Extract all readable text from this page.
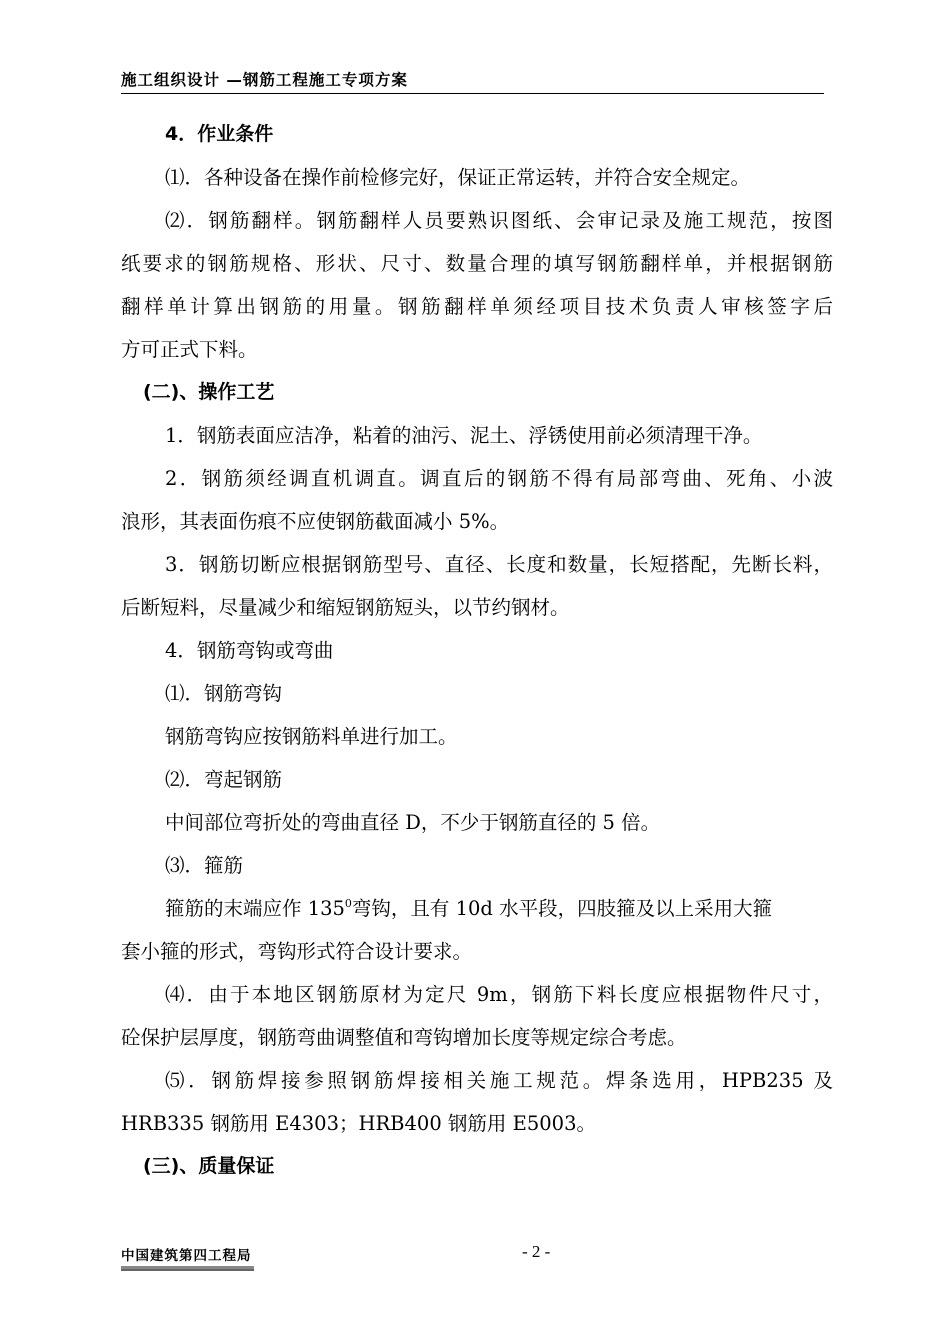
施工组织设计 —钢筋工程施工专项方案
4．作业条件
⑴．各种设备在操作前检修完好，保证正常运转，并符合安全规定。
⑵．钢筋翻样。钢筋翻样人员要熟识图纸、会审记录及施工规范，按图
纸要求的钢筋规格、形状、尺寸、数量合理的填写钢筋翻样单，并根据钢筋
翻样单计算出钢筋的用量。钢筋翻样单须经项目技术负责人审核签字后
方可正式下料。
(二)、操作工艺
1．钢筋表面应洁净，粘着的油污、泥土、浮锈使用前必须清理干净。
2．钢筋须经调直机调直。调直后的钢筋不得有局部弯曲、死角、小波
浪形，其表面伤痕不应使钢筋截面减小 5%。
3．钢筋切断应根据钢筋型号、直径、长度和数量，长短搭配，先断长料，
后断短料，尽量减少和缩短钢筋短头，以节约钢材。
4．钢筋弯钩或弯曲
⑴．钢筋弯钩
钢筋弯钩应按钢筋料单进行加工。
⑵．弯起钢筋
中间部位弯折处的弯曲直径 D，不少于钢筋直径的 5 倍。
⑶．箍筋
箍筋的末端应作 $135^0$弯钩，且有 10d 水平段，四肢箍及以上采用大箍
套小箍的形式，弯钩形式符合设计要求。
⑷．由于本地区钢筋原材为定尺 9m，钢筋下料长度应根据物件尺寸，
砼保护层厚度，钢筋弯曲调整值和弯钩增加长度等规定综合考虑。
⑸．钢筋焊接参照钢筋焊接相关施工规范。焊条选用，HPB235 及
HRB335 钢筋用 E4303；HRB400 钢筋用 E5003。
(三)、质量保证
中国建筑第四工程局	- 2 -
